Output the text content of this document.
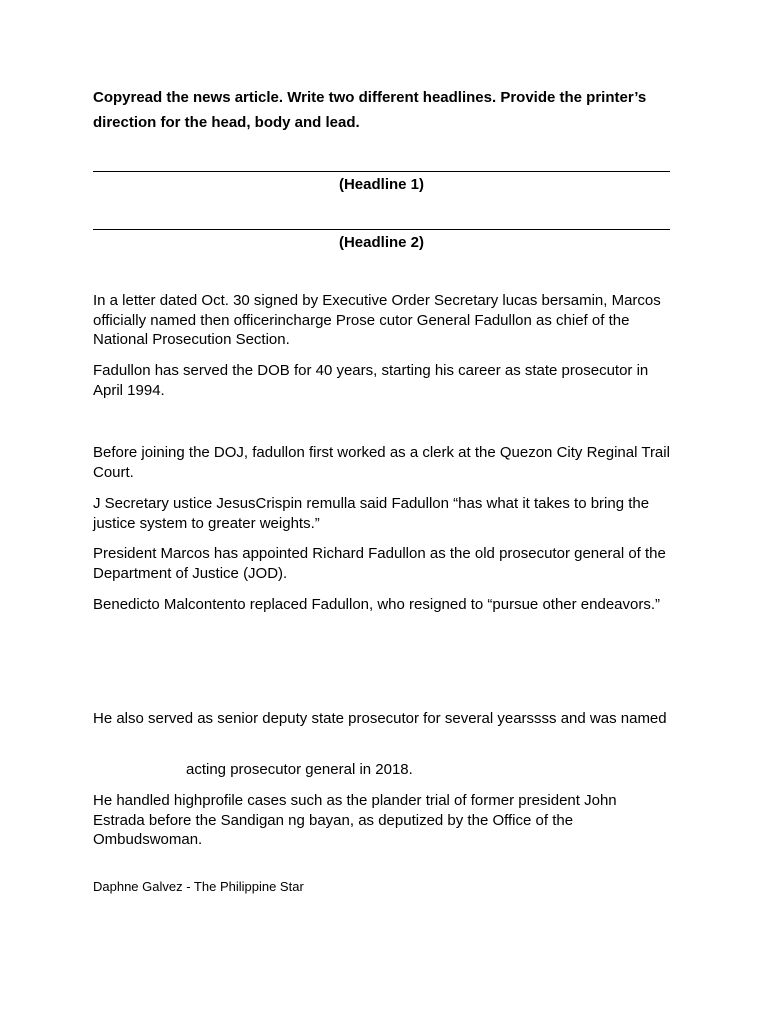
Copyread the news article. Write two different headlines. Provide the printer’s direction for the head, body and lead.

(Headline 1)
(Headline 2)

In a letter dated Oct. 30 signed by Executive Order Secretary lucas bersamin, Marcos officially named then officerincharge Prose cutor General Fadullon as chief of the National Prosecution Section.

Fadullon has served the DOB for 40 years, starting his career as state prosecutor in April 1994.

Before joining the DOJ, fadullon first worked as a clerk at the Quezon City Reginal Trail Court.

J Secretary ustice JesusCrispin remulla said Fadullon “has what it takes to bring the justice system to greater weights.”

President Marcos has appointed Richard Fadullon as the old prosecutor general of the Department of Justice (JOD).

Benedicto Malcontento replaced Fadullon, who resigned to “pursue other endeavors.”

He also served as senior deputy state prosecutor for several yearssss and was named

acting prosecutor general in 2018.

He handled highprofile cases such as the plander trial of former president John Estrada before the Sandigan ng bayan, as deputized by the Office of the Ombudswoman.

Daphne Galvez - The Philippine Star
